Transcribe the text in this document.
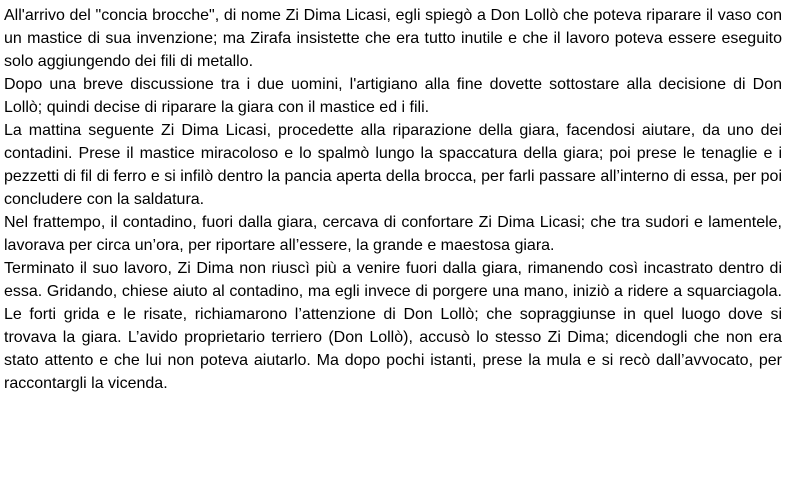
All'arrivo del "concia brocche", di nome Zi Dima Licasi, egli spiegò a Don Lollò che poteva riparare il vaso con un mastice di sua invenzione; ma Zirafa insistette che era tutto inutile e che il lavoro poteva essere eseguito solo aggiungendo dei fili di metallo.

Dopo una breve discussione tra i due uomini, l'artigiano alla fine dovette sottostare alla decisione di Don Lollò; quindi decise di riparare la giara con il mastice ed i fili.

La mattina seguente Zi Dima Licasi, procedette alla riparazione della giara, facendosi aiutare, da uno dei contadini. Prese il mastice miracoloso e lo spalmò lungo la spaccatura della giara; poi prese le tenaglie e i pezzetti di fil di ferro e si infilò dentro la pancia aperta della brocca, per farli passare all’interno di essa, per poi concludere con la saldatura.

Nel frattempo, il contadino, fuori dalla giara, cercava di confortare Zi Dima Licasi; che tra sudori e lamentele, lavorava per circa un’ora, per riportare all’essere, la grande e maestosa giara.

Terminato il suo lavoro, Zi Dima non riuscì più a venire fuori dalla giara, rimanendo così incastrato dentro di essa. Gridando, chiese aiuto al contadino, ma egli invece di porgere una mano, iniziò a ridere a squarciagola. Le forti grida e le risate, richiamarono l’attenzione di Don Lollò; che sopraggiunse in quel luogo dove si trovava la giara. L’avido proprietario terriero (Don Lollò), accusò lo stesso Zi Dima; dicendogli che non era stato attento e che lui non poteva aiutarlo. Ma dopo pochi istanti, prese la mula e si recò dall’avvocato, per raccontargli la vicenda.
